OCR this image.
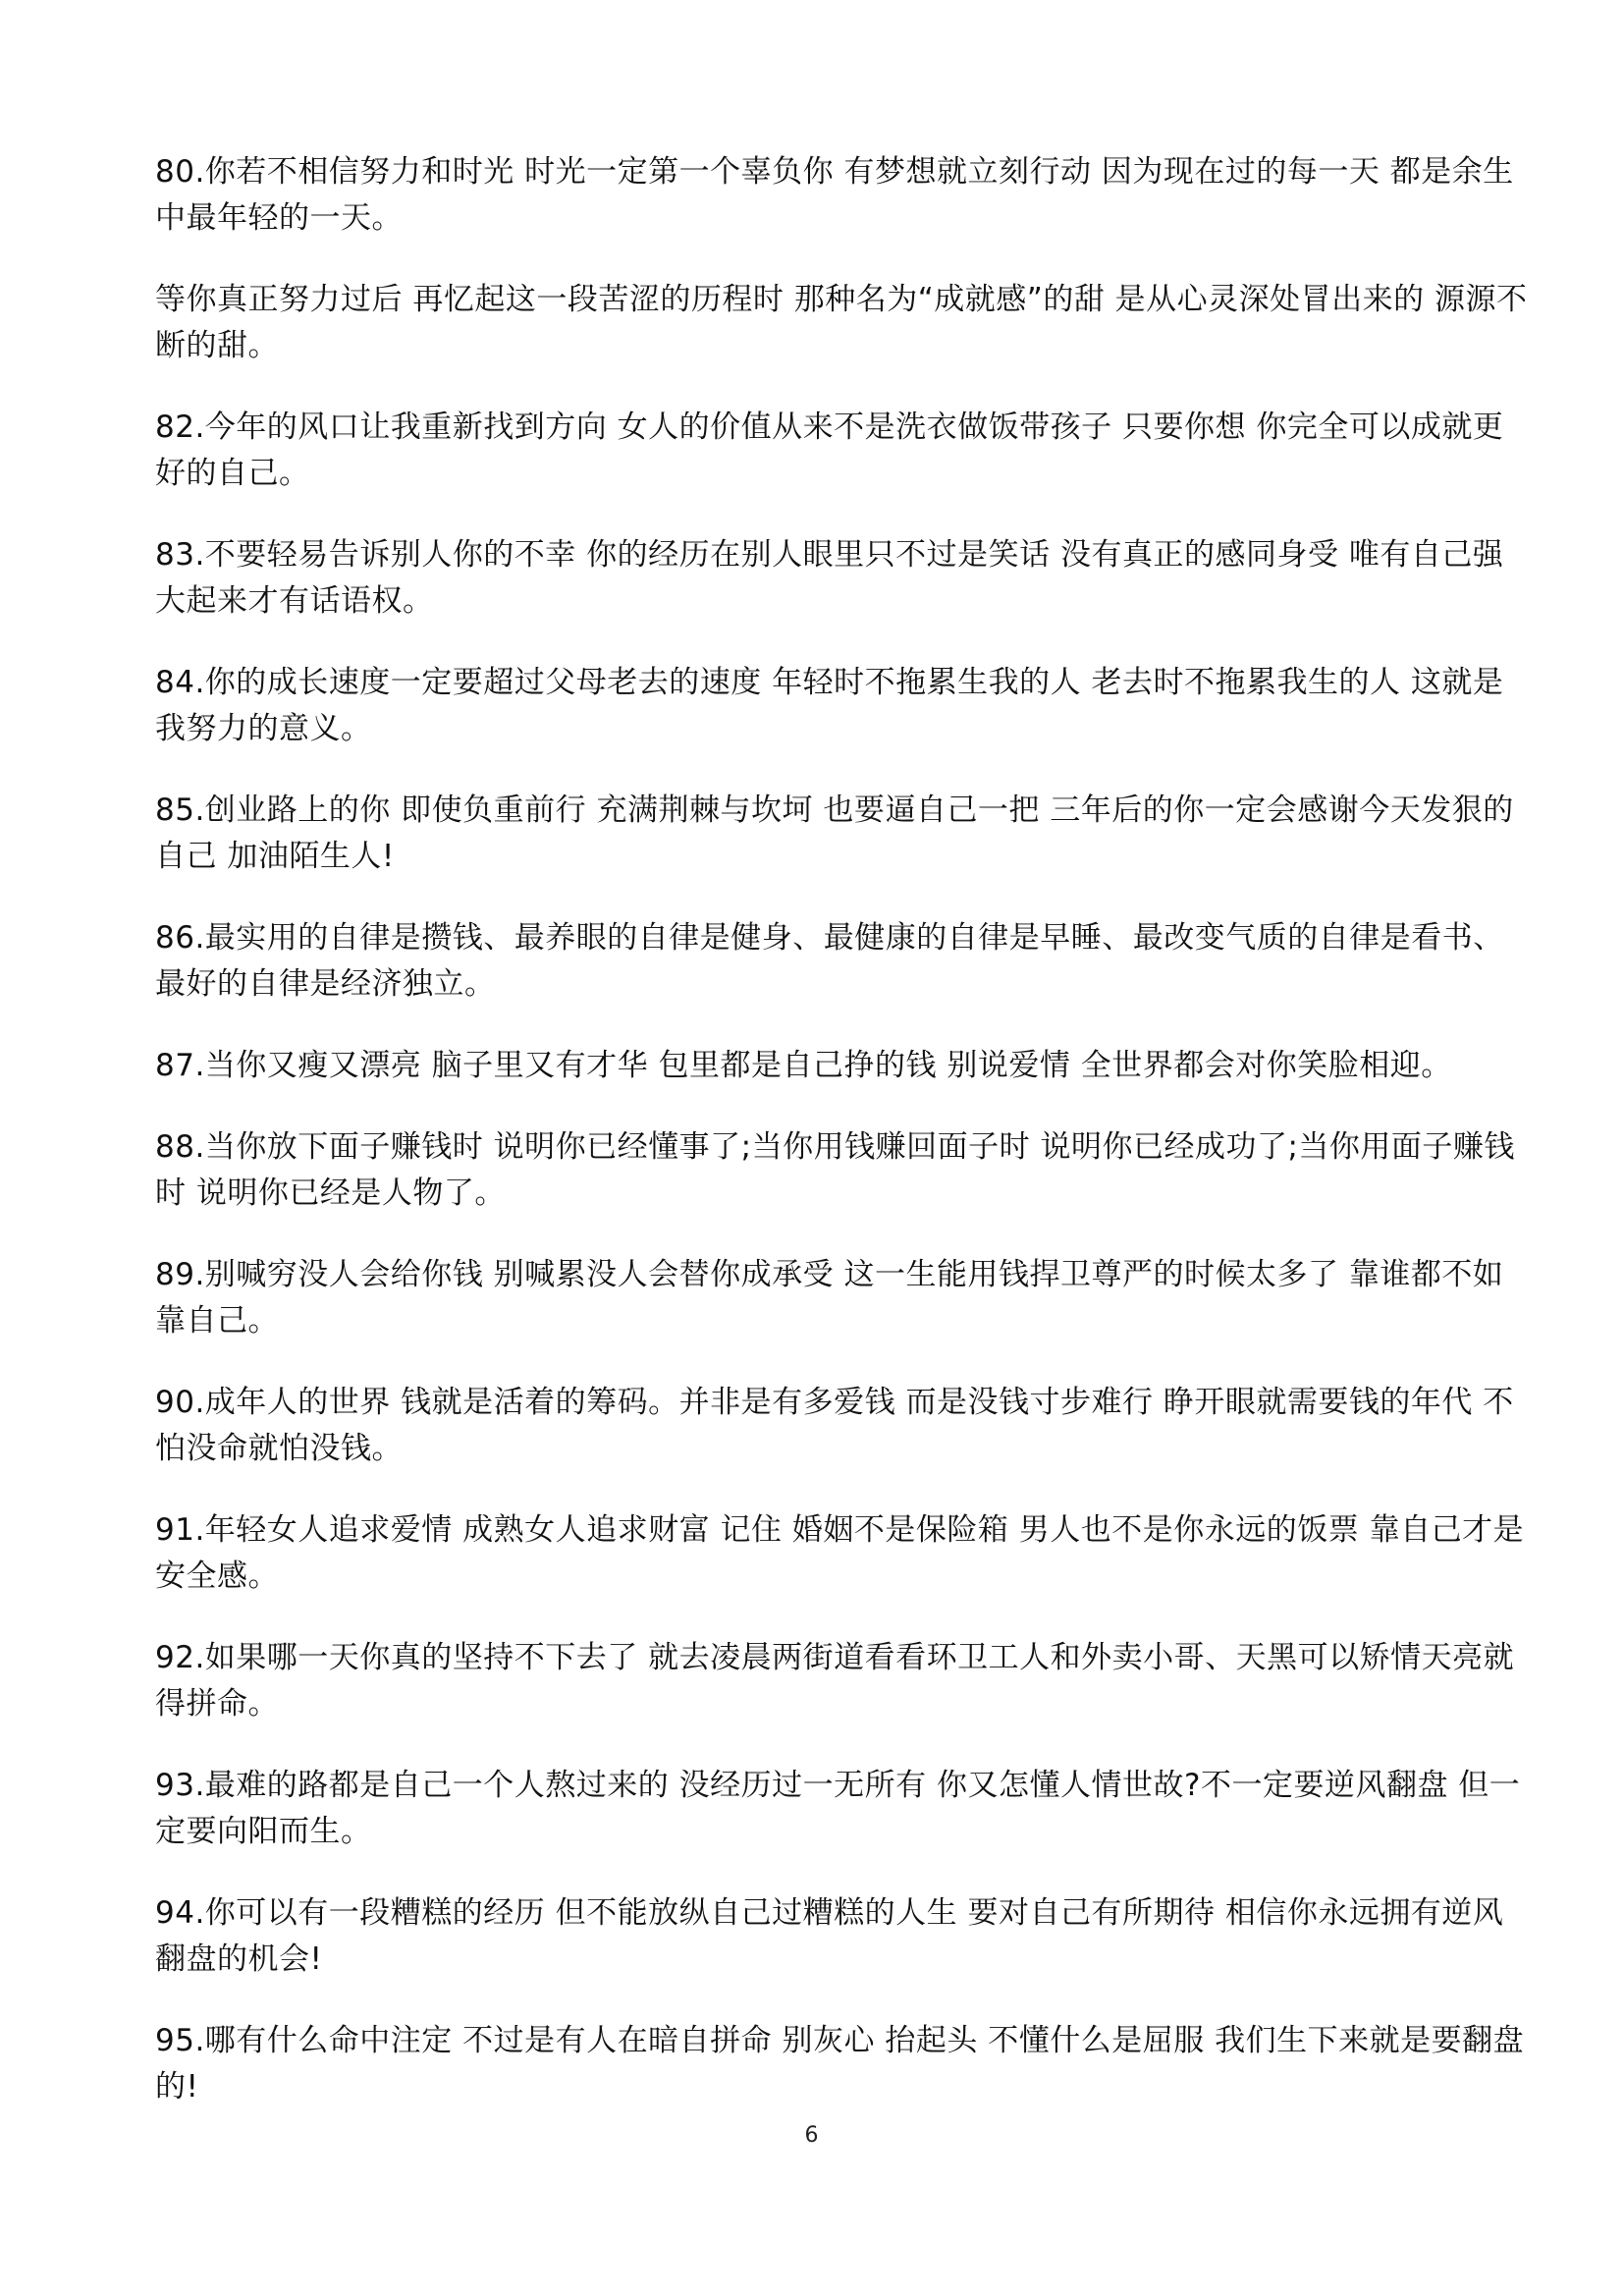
80.你若不相信努力和时光 时光一定第一个辜负你 有梦想就立刻行动 因为现在过的每一天 都是余生中最年轻的一天。

等你真正努力过后 再忆起这一段苦涩的历程时 那种名为“成就感”的甜 是从心灵深处冒出来的 源源不断的甜。

82.今年的风口让我重新找到方向 女人的价值从来不是洗衣做饭带孩子 只要你想 你完全可以成就更好的自己。

83.不要轻易告诉别人你的不幸 你的经历在别人眼里只不过是笑话 没有真正的感同身受 唯有自己强大起来才有话语权。

84.你的成长速度一定要超过父母老去的速度 年轻时不拖累生我的人 老去时不拖累我生的人 这就是我努力的意义。

85.创业路上的你 即使负重前行 充满荆棘与坎坷 也要逼自己一把 三年后的你一定会感谢今天发狠的自己 加油陌生人!

86.最实用的自律是攒钱、最养眼的自律是健身、最健康的自律是早睡、最改变气质的自律是看书、最好的自律是经济独立。

87.当你又瘦又漂亮 脑子里又有才华 包里都是自己挣的钱 别说爱情 全世界都会对你笑脸相迎。

88.当你放下面子赚钱时 说明你已经懂事了;当你用钱赚回面子时 说明你已经成功了;当你用面子赚钱时 说明你已经是人物了。

89.别喊穷没人会给你钱 别喊累没人会替你成承受 这一生能用钱捍卫尊严的时候太多了 靠谁都不如靠自己。

90.成年人的世界 钱就是活着的筹码。并非是有多爱钱 而是没钱寸步难行 睁开眼就需要钱的年代 不怕没命就怕没钱。

91.年轻女人追求爱情 成熟女人追求财富 记住 婚姻不是保险箱 男人也不是你永远的饭票 靠自己才是安全感。

92.如果哪一天你真的坚持不下去了 就去凌晨两街道看看环卫工人和外卖小哥、天黑可以矫情天亮就得拼命。

93.最难的路都是自己一个人熬过来的 没经历过一无所有 你又怎懂人情世故?不一定要逆风翻盘 但一定要向阳而生。

94.你可以有一段糟糕的经历 但不能放纵自己过糟糕的人生 要对自己有所期待 相信你永远拥有逆风翻盘的机会!

95.哪有什么命中注定 不过是有人在暗自拼命 别灰心 抬起头 不懂什么是屈服 我们生下来就是要翻盘的!

6
